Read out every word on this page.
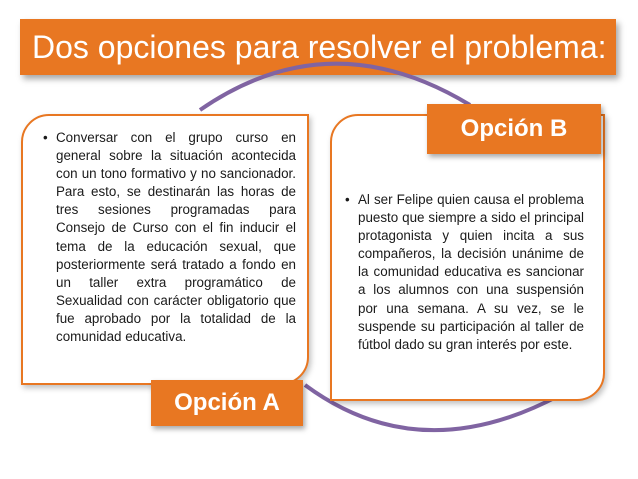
Dos opciones para resolver el problema:
• Conversar con el grupo curso en general sobre la situación acontecida con un tono formativo y no sancionador. Para esto, se destinarán las horas de tres sesiones programadas para Consejo de Curso con el fin inducir el tema de la educación sexual, que posteriormente será tratado a fondo en un taller extra programático de Sexualidad con carácter obligatorio que fue aprobado por la totalidad de la comunidad educativa.
• Al ser Felipe quien causa el problema puesto que siempre a sido el principal protagonista y quien incita a sus compañeros, la decisión unánime de la comunidad educativa es sancionar a los alumnos con una suspensión por una semana. A su vez, se le suspende su participación al taller de fútbol dado su gran interés por este.
Opción A
Opción B
